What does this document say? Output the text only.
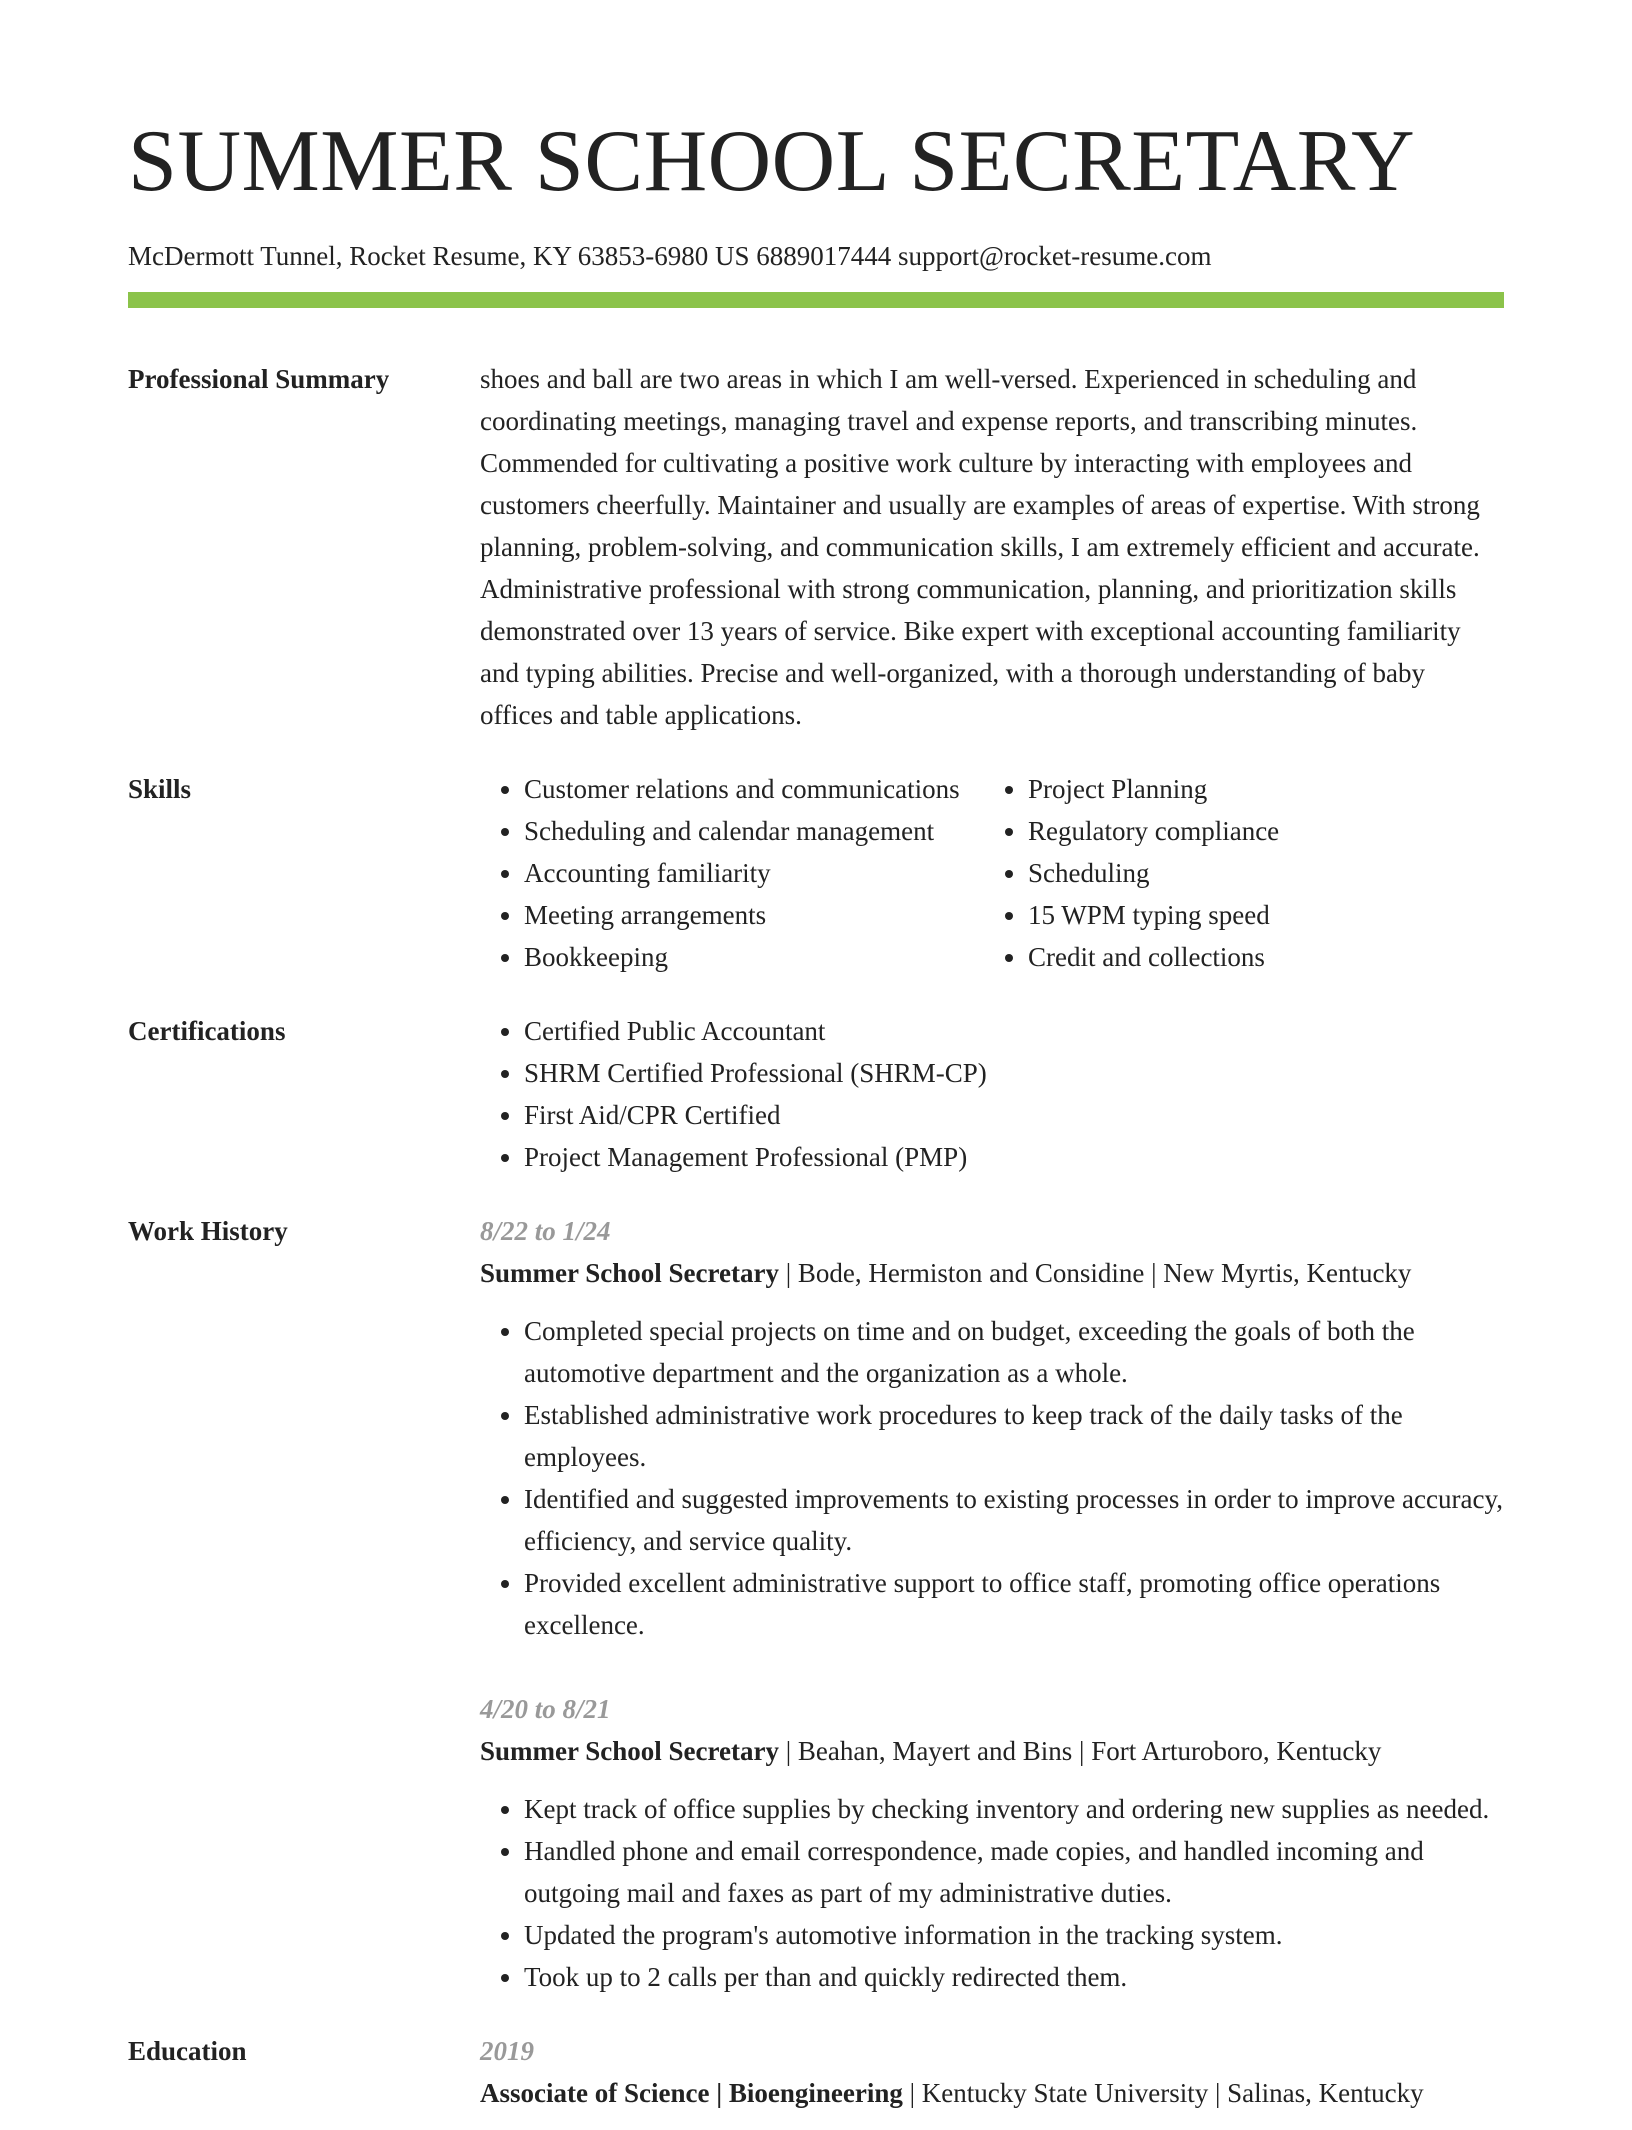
SUMMER SCHOOL SECRETARY
McDermott Tunnel, Rocket Resume, KY 63853-6980 US 6889017444 support@rocket-resume.com
Professional Summary	shoes and ball are two areas in which I am well-versed. Experienced in scheduling and coordinating meetings, managing travel and expense reports, and transcribing minutes. Commended for cultivating a positive work culture by interacting with employees and customers cheerfully. Maintainer and usually are examples of areas of expertise. With strong planning, problem-solving, and communication skills, I am extremely efficient and accurate. Administrative professional with strong communication, planning, and prioritization skills demonstrated over 13 years of service. Bike expert with exceptional accounting familiarity and typing abilities. Precise and well-organized, with a thorough understanding of baby offices and table applications.

Skills	• Customer relations and communications
• Scheduling and calendar management
• Accounting familiarity
• Meeting arrangements
• Bookkeeping
• Project Planning
• Regulatory compliance
• Scheduling
• 15 WPM typing speed
• Credit and collections
Certifications	• Certified Public Accountant
• SHRM Certified Professional (SHRM-CP)
• First Aid/CPR Certified
• Project Management Professional (PMP)
Work History	8/22 to 1/24
Summer School Secretary | Bode, Hermiston and Considine | New Myrtis, Kentucky
• Completed special projects on time and on budget, exceeding the goals of both the automotive department and the organization as a whole.
• Established administrative work procedures to keep track of the daily tasks of the employees.
• Identified and suggested improvements to existing processes in order to improve accuracy, efficiency, and service quality.
• Provided excellent administrative support to office staff, promoting office operations excellence.
4/20 to 8/21
Summer School Secretary | Beahan, Mayert and Bins | Fort Arturoboro, Kentucky
• Kept track of office supplies by checking inventory and ordering new supplies as needed.
• Handled phone and email correspondence, made copies, and handled incoming and outgoing mail and faxes as part of my administrative duties.
• Updated the program's automotive information in the tracking system.
• Took up to 2 calls per than and quickly redirected them.
Education	2019
Associate of Science | Bioengineering | Kentucky State University | Salinas, Kentucky
